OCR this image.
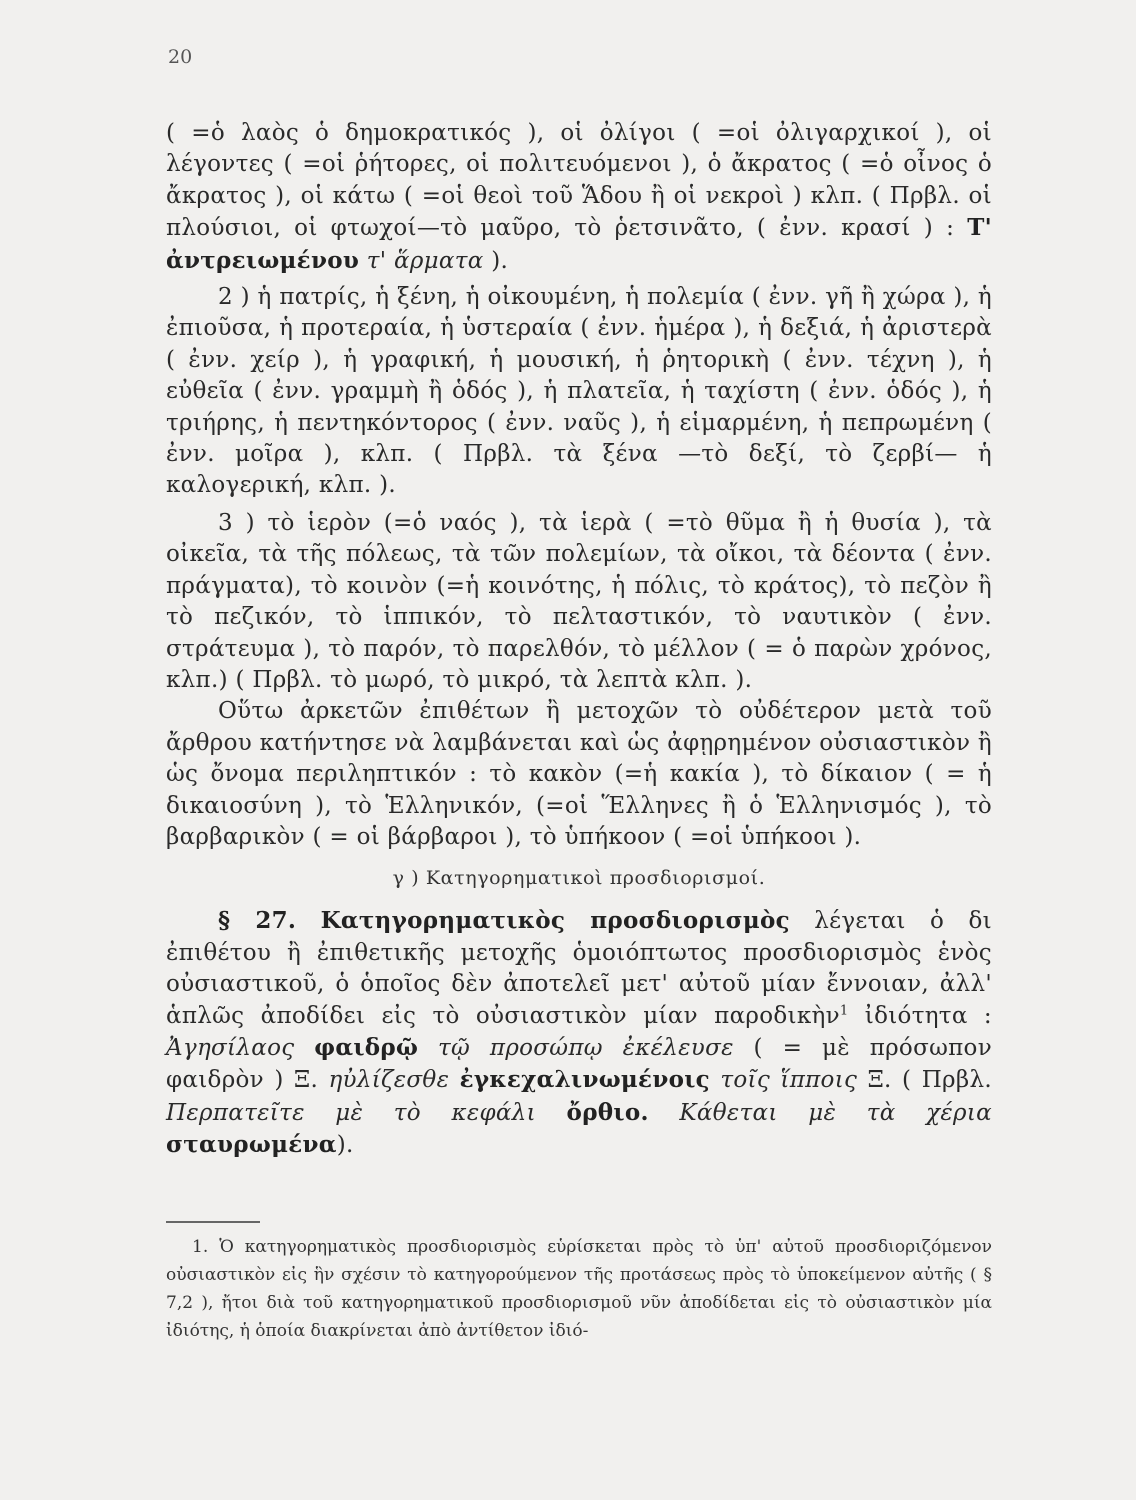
20

( =ὁ λαὸς ὁ δημοκρατικός ), οἱ ὀλίγοι ( =οἱ ὀλιγαρχικοί ), οἱ λέγοντες ( =οἱ ῥήτορες, οἱ πολιτευόμενοι ), ὁ ἄκρατος ( =ὁ οἶνος ὁ ἄκρατος ), οἱ κάτω ( =οἱ θεοὶ τοῦ Ἅδου ἢ οἱ νεκροὶ ) κλπ. ( Πρβλ. οἱ πλούσιοι, οἱ φτωχοί—τὸ μαῦρο, τὸ ῥετσινᾶτο, ( ἐνν. κρασί ) : Τ' ἀντρειωμένου τ' ἅρματα ).

2 ) ἡ πατρίς, ἡ ξένη, ἡ οἰκουμένη, ἡ πολεμία ( ἐνν. γῆ ἢ χώρα ), ἡ ἐπιοῦσα, ἡ προτεραία, ἡ ὑστεραία ( ἐνν. ἡμέρα ), ἡ δεξιά, ἡ ἀριστερὰ ( ἐνν. χείρ ), ἡ γραφική, ἡ μουσική, ἡ ῥητορικὴ ( ἐνν. τέχνη ), ἡ εὐθεῖα ( ἐνν. γραμμὴ ἢ ὁδός ), ἡ πλατεῖα, ἡ ταχίστη ( ἐνν. ὁδός ), ἡ τριήρης, ἡ πεντηκόντορος ( ἐνν. ναῦς ), ἡ εἱμαρμένη, ἡ πεπρωμένη ( ἐνν. μοῖρα ), κλπ. ( Πρβλ. τὰ ξένα —τὸ δεξί, τὸ ζερβί— ἡ καλογερική, κλπ. ).

3 ) τὸ ἱερὸν (=ὁ ναός ), τὰ ἱερὰ ( =τὸ θῦμα ἢ ἡ θυσία ), τὰ οἰκεῖα, τὰ τῆς πόλεως, τὰ τῶν πολεμίων, τὰ οἴκοι, τὰ δέοντα ( ἐνν. πράγματα), τὸ κοινὸν (=ἡ κοινότης, ἡ πόλις, τὸ κράτος), τὸ πεζὸν ἢ τὸ πεζικόν, τὸ ἱππικόν, τὸ πελταστικόν, τὸ ναυτικὸν ( ἐνν. στράτευμα ), τὸ παρόν, τὸ παρελθόν, τὸ μέλλον ( = ὁ παρὼν χρόνος, κλπ.) ( Πρβλ. τὸ μωρό, τὸ μικρό, τὰ λεπτὰ κλπ. ).

Οὕτω ἀρκετῶν ἐπιθέτων ἢ μετοχῶν τὸ οὐδέτερον μετὰ τοῦ ἄρθρου κατήντησε νὰ λαμβάνεται καὶ ὡς ἀφῃρημένον οὐσιαστικὸν ἢ ὡς ὄνομα περιληπτικόν : τὸ κακὸν (=ἡ κακία ), τὸ δίκαιον ( = ἡ δικαιοσύνη ), τὸ Ἑλληνικόν, (=οἱ Ἕλληνες ἢ ὁ Ἑλληνισμός ), τὸ βαρβαρικὸν ( = οἱ βάρβαροι ), τὸ ὑπήκοον ( =οἱ ὑπήκοοι ).

γ ) Κατηγορηματικοὶ προσδιορισμοί.

§ 27. Κατηγορηματικὸς προσδιορισμὸς λέγεται ὁ δι ἐπιθέτου ἢ ἐπιθετικῆς μετοχῆς ὁμοιόπτωτος προσδιορισμὸς ἑνὸς οὐσιαστικοῦ, ὁ ὁποῖος δὲν ἀποτελεῖ μετ' αὐτοῦ μίαν ἔννοιαν, ἀλλ' ἁπλῶς ἀποδίδει εἰς τὸ οὐσιαστικὸν μίαν παροδικὴν$^1$ ἰδιότητα : Ἀγησίλαος φαιδρῷ τῷ προσώπῳ ἐκέλευσε ( = μὲ πρόσωπον φαιδρὸν ) Ξ. ηὐλίζεσθε ἐγκεχαλινωμένοις τοῖς ἵπποις Ξ. ( Πρβλ. Περπατεῖτε μὲ τὸ κεφάλι ὄρθιο. Κάθεται μὲ τὰ χέρια σταυρωμένα).

1. Ὁ κατηγορηματικὸς προσδιορισμὸς εὑρίσκεται πρὸς τὸ ὑπ' αὐτοῦ προσδιοριζόμενον οὐσιαστικὸν εἰς ἣν σχέσιν τὸ κατηγορούμενον τῆς προτάσεως πρὸς τὸ ὑποκείμενον αὐτῆς ( § 7,2 ), ἤτοι διὰ τοῦ κατηγορηματικοῦ προσδιορισμοῦ νῦν ἀποδίδεται εἰς τὸ οὐσιαστικὸν μία ἰδιότης, ἡ ὁποία διακρίνεται ἀπὸ ἀντίθετον ἰδιό-
